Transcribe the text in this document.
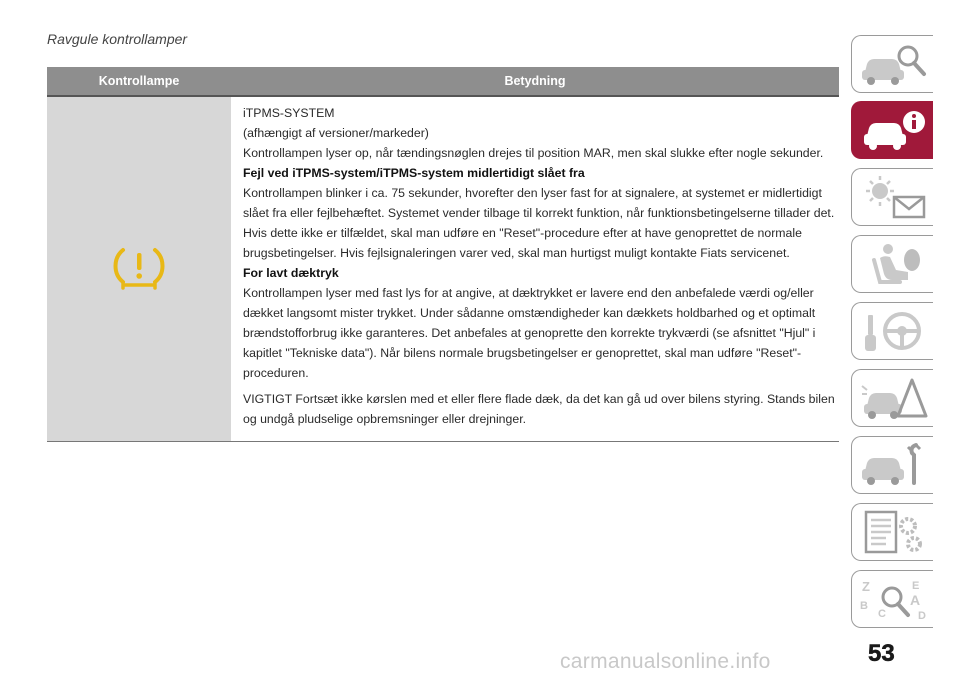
Ravgule kontrollamper
Kontrollampe	Betydning

iTPMS-SYSTEM

(afhængigt af versioner/markeder)

Kontrollampen lyser op, når tændingsnøglen drejes til position MAR, men skal slukke efter nogle sekunder.

Fejl ved iTPMS-system/iTPMS-system midlertidigt slået fra

Kontrollampen blinker i ca. 75 sekunder, hvorefter den lyser fast for at signalere, at systemet er midlertidigt slået fra eller fejlbehæftet. Systemet vender tilbage til korrekt funktion, når funktionsbetingelserne tillader det. Hvis dette ikke er tilfældet, skal man udføre en "Reset"-procedure efter at have genoprettet de normale brugsbetingelser. Hvis fejlsignaleringen varer ved, skal man hurtigst muligt kontakte Fiats servicenet.

For lavt dæktryk

Kontrollampen lyser med fast lys for at angive, at dæktrykket er lavere end den anbefalede værdi og/eller dækket langsomt mister trykket. Under sådanne omstændigheder kan dækkets holdbarhed og et optimalt brændstofforbrug ikke garanteres. Det anbefales at genoprette den korrekte trykværdi (se afsnittet "Hjul" i kapitlet "Tekniske data"). Når bilens normale brugsbetingelser er genoprettet, skal man udføre "Reset"-proceduren.

VIGTIGT Fortsæt ikke kørslen med et eller flere flade dæk, da det kan gå ud over bilens styring. Stands bilen og undgå pludselige opbremsninger eller drejninger.

Z	E
B	A
D
C
53
carmanualsonline.info
